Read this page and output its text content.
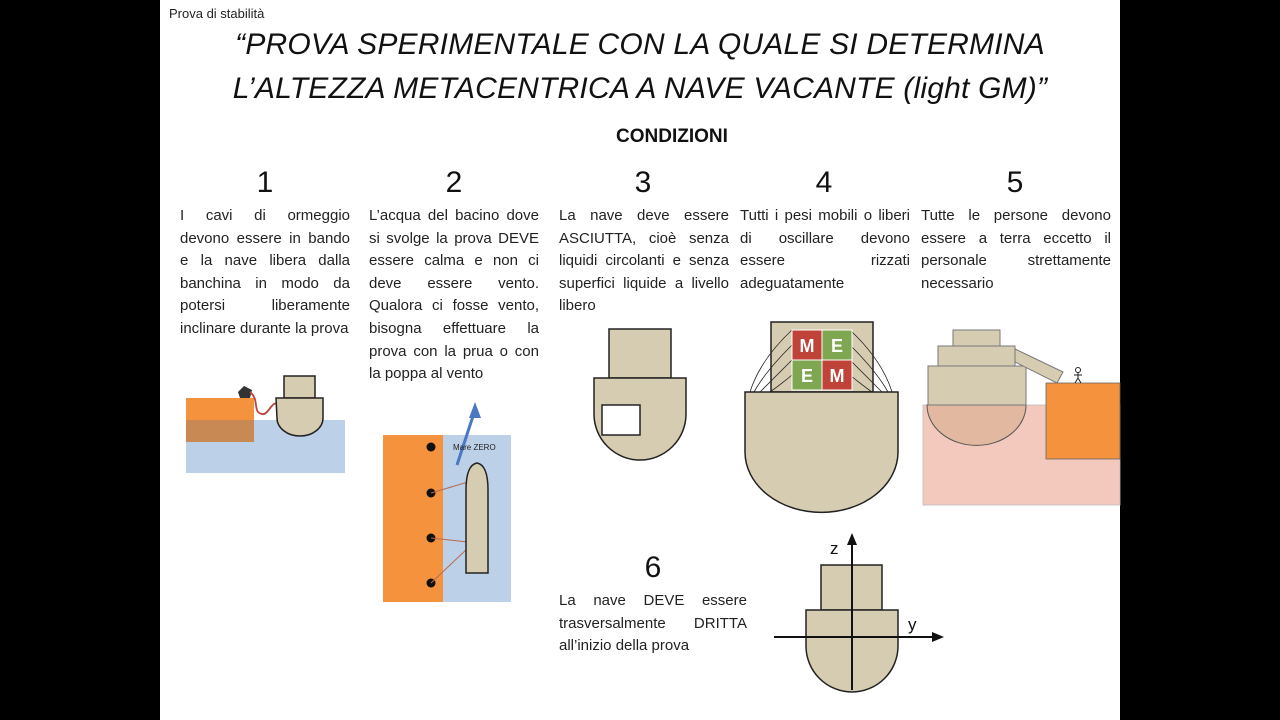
Prova di stabilità
“PROVA SPERIMENTALE CON LA QUALE SI DETERMINA
L’ALTEZZA METACENTRICA A NAVE VACANTE (light GM)”
CONDIZIONI
1	2	3	4	5
6
I cavi di ormeggio devono essere in bando e la nave libera dalla banchina in modo da potersi liberamente inclinare durante la prova
L’acqua del bacino dove si svolge la prova DEVE essere calma e non ci deve essere vento. Qualora ci fosse vento, bisogna effettuare la prova con la prua o con la poppa al vento
La nave deve essere ASCIUTTA, cioè senza liquidi circolanti e senza superfici liquide a livello libero
Tutti i pesi mobili o liberi di oscillare devono essere rizzati adeguatamente
Tutte le persone devono essere a terra eccetto il personale strettamente necessario
La nave DEVE essere trasversalmente DRITTA all’inizio della prova
Mare ZERO
M E
E M
z
y
